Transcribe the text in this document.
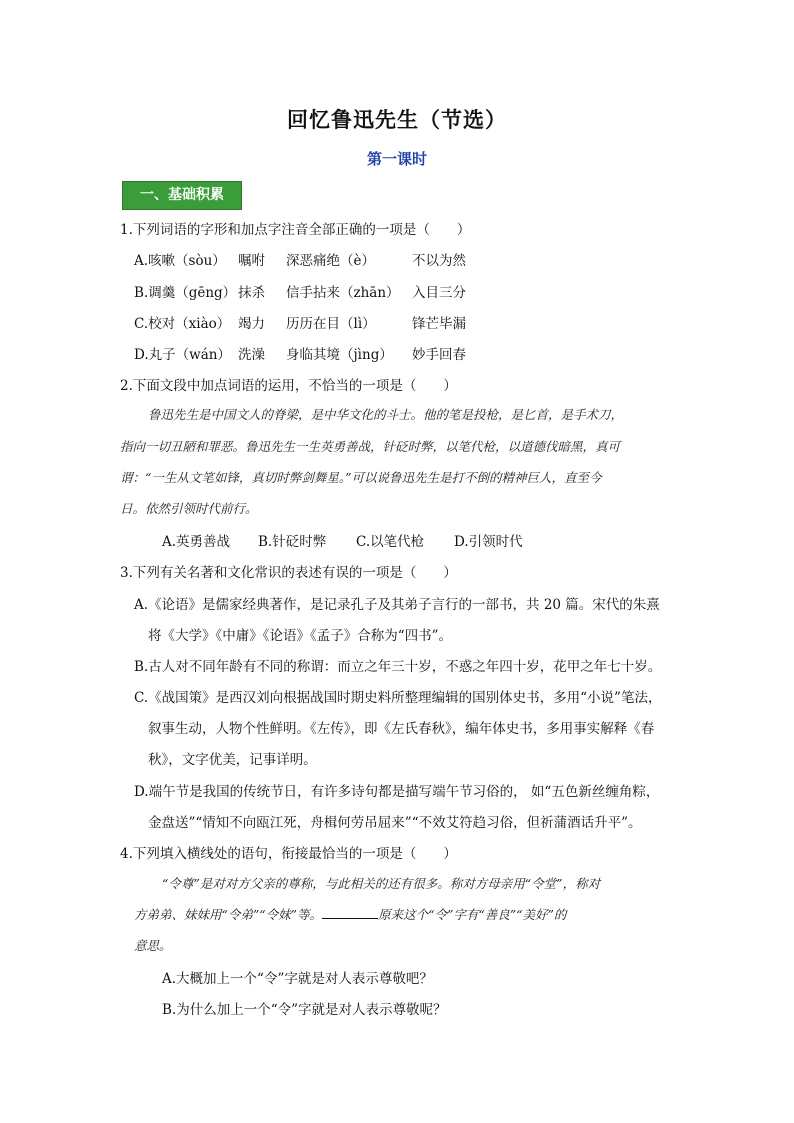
回忆鲁迅先生（节选）
第一课时
一、基础积累
1.下列词语的字形和加点字注音全部正确的一项是（　　）
A.咳嗽（sòu） 嘱咐 深恶痛绝（è）	不以为然
B.调羹（gēng） 抹杀 信手拈来（zhān） 入目三分
C.校对（xiào） 竭力 历历在目（lì）	锋芒毕漏
D.丸子（wán） 洗澡 身临其境（jìng） 妙手回春
2.下面文段中加点词语的运用，不恰当的一项是（　　）
鲁迅先生是中国文人的脊梁，是中华文化的斗士。他的笔是投枪，是匕首，是手术刀，
指向一切丑陋和罪恶。鲁迅先生一生英勇善战，针砭时弊，以笔代枪，以道德伐暗黑，真可
谓：“一生从文笔如锋，真切时弊剑舞星。”可以说鲁迅先生是打不倒的精神巨人，直至今
日。依然引领时代前行。
A.英勇善战 B.针砭时弊 C.以笔代枪 D.引领时代
3.下列有关名著和文化常识的表述有误的一项是（　　）
A.《论语》是儒家经典著作，是记录孔子及其弟子言行的一部书，共 20 篇。宋代的朱熹
将《大学》《中庸》《论语》《孟子》合称为“四书”。
B.古人对不同年龄有不同的称谓：而立之年三十岁，不惑之年四十岁，花甲之年七十岁。
C.《战国策》是西汉刘向根据战国时期史料所整理编辑的国别体史书，多用“小说”笔法，
叙事生动，人物个性鲜明。《左传》，即《左氏春秋》，编年体史书，多用事实解释《春
秋》，文字优美，记事详明。
D.端午节是我国的传统节日，有许多诗句都是描写端午节习俗的， 如“五色新丝缠角粽，
金盘送”“情知不向瓯江死，舟楫何劳吊屈来”“不效艾符趋习俗，但祈蒲酒话升平”。
4.下列填入横线处的语句，衔接最恰当的一项是（　　）
“令尊”是对对方父亲的尊称，与此相关的还有很多。称对方母亲用“令堂”，称对
方弟弟、妹妹用“令弟”“令妹”等。	原来这个“令”字有“善良”“美好”的
意思。
A.大概加上一个“令”字就是对人表示尊敬吧？
B.为什么加上一个“令”字就是对人表示尊敬呢？
